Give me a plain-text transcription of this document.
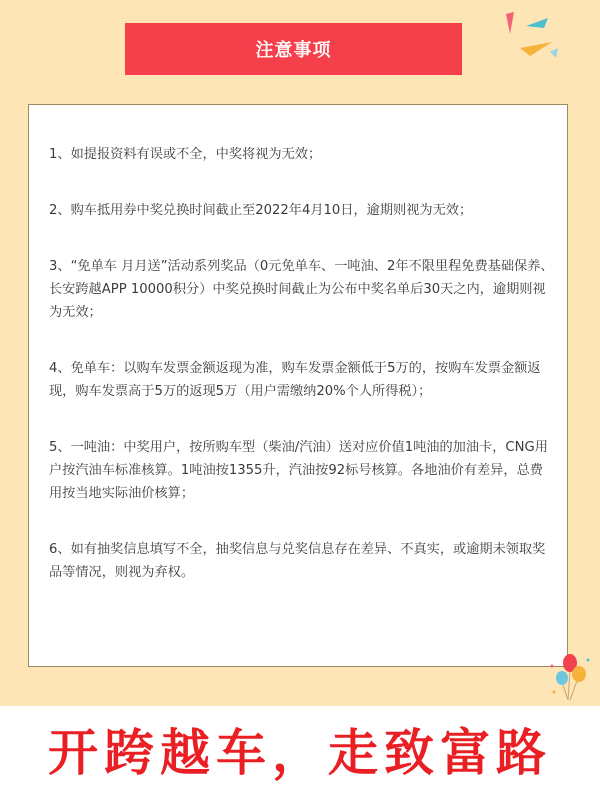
注意事项
1、如提报资料有误或不全，中奖将视为无效；
2、购车抵用券中奖兑换时间截止至2022年4月10日，逾期则视为无效；
3、“免单车 月月送”活动系列奖品（0元免单车、一吨油、2年不限里程免费基础保养、长安跨越APP 10000积分）中奖兑换时间截止为公布中奖名单后30天之内，逾期则视为无效；
4、免单车：以购车发票金额返现为准，购车发票金额低于5万的，按购车发票金额返现，购车发票高于5万的返现5万（用户需缴纳20%个人所得税）；
5、一吨油：中奖用户，按所购车型（柴油/汽油）送对应价值1吨油的加油卡，CNG用户按汽油车标准核算。1吨油按1355升，汽油按92标号核算。各地油价有差异，总费用按当地实际油价核算；
6、如有抽奖信息填写不全，抽奖信息与兑奖信息存在差异、不真实，或逾期未领取奖品等情况，则视为弃权。
开跨越车，走致富路
